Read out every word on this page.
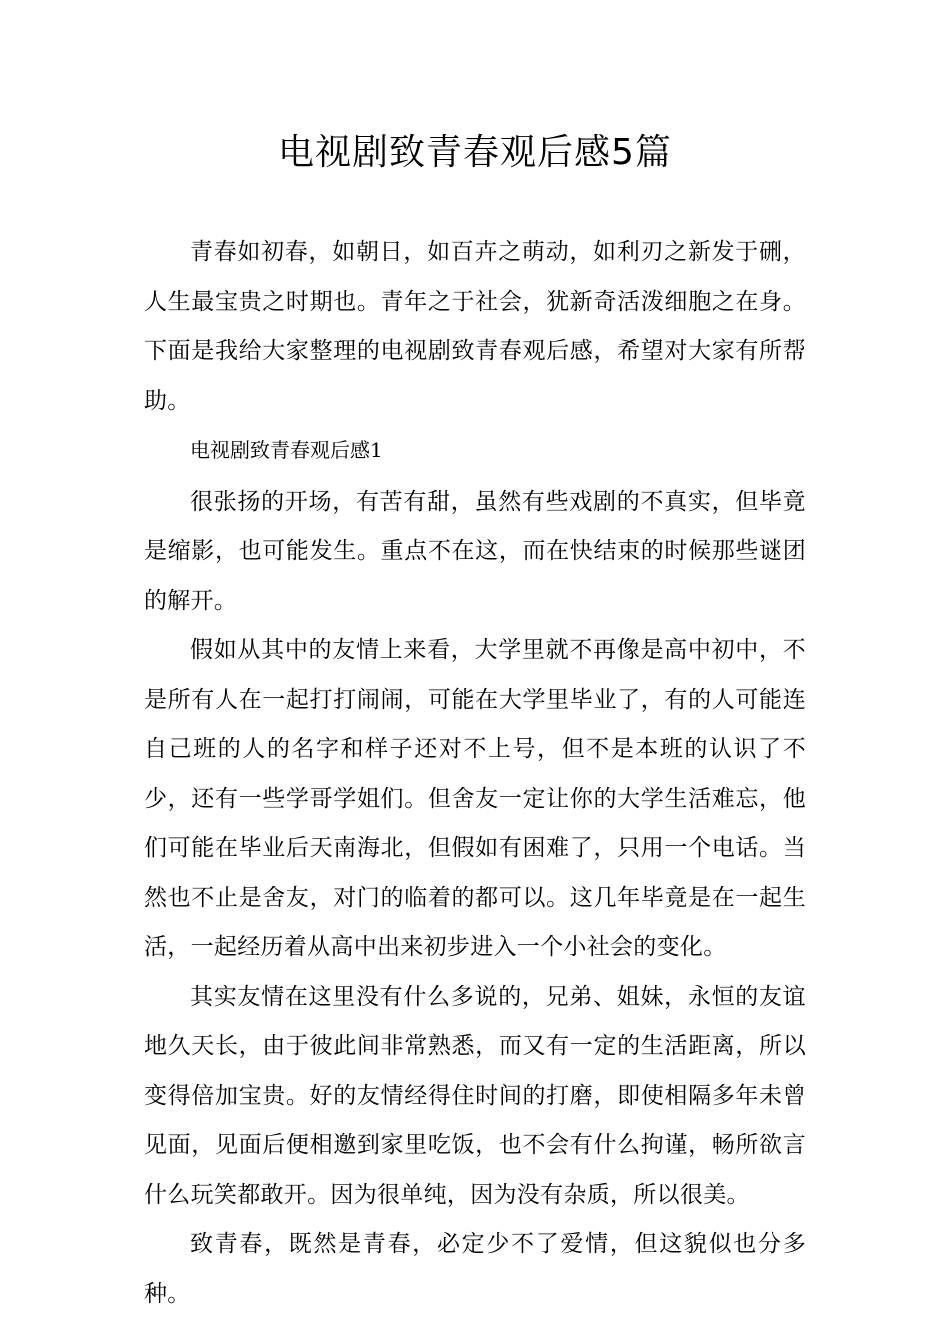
电视剧致青春观后感5篇

青春如初春，如朝日，如百卉之萌动，如利刃之新发于硎，人生最宝贵之时期也。青年之于社会，犹新奇活泼细胞之在身。下面是我给大家整理的电视剧致青春观后感，希望对大家有所帮助。

电视剧致青春观后感1

很张扬的开场，有苦有甜，虽然有些戏剧的不真实，但毕竟是缩影，也可能发生。重点不在这，而在快结束的时候那些谜团的解开。

假如从其中的友情上来看，大学里就不再像是高中初中，不是所有人在一起打打闹闹，可能在大学里毕业了，有的人可能连自己班的人的名字和样子还对不上号，但不是本班的认识了不少，还有一些学哥学姐们。但舍友一定让你的大学生活难忘，他们可能在毕业后天南海北，但假如有困难了，只用一个电话。当然也不止是舍友，对门的临着的都可以。这几年毕竟是在一起生活，一起经历着从高中出来初步进入一个小社会的变化。

其实友情在这里没有什么多说的，兄弟、姐妹，永恒的友谊地久天长，由于彼此间非常熟悉，而又有一定的生活距离，所以变得倍加宝贵。好的友情经得住时间的打磨，即使相隔多年未曾见面，见面后便相邀到家里吃饭，也不会有什么拘谨，畅所欲言什么玩笑都敢开。因为很单纯，因为没有杂质，所以很美。

致青春，既然是青春，必定少不了爱情，但这貌似也分多种。
